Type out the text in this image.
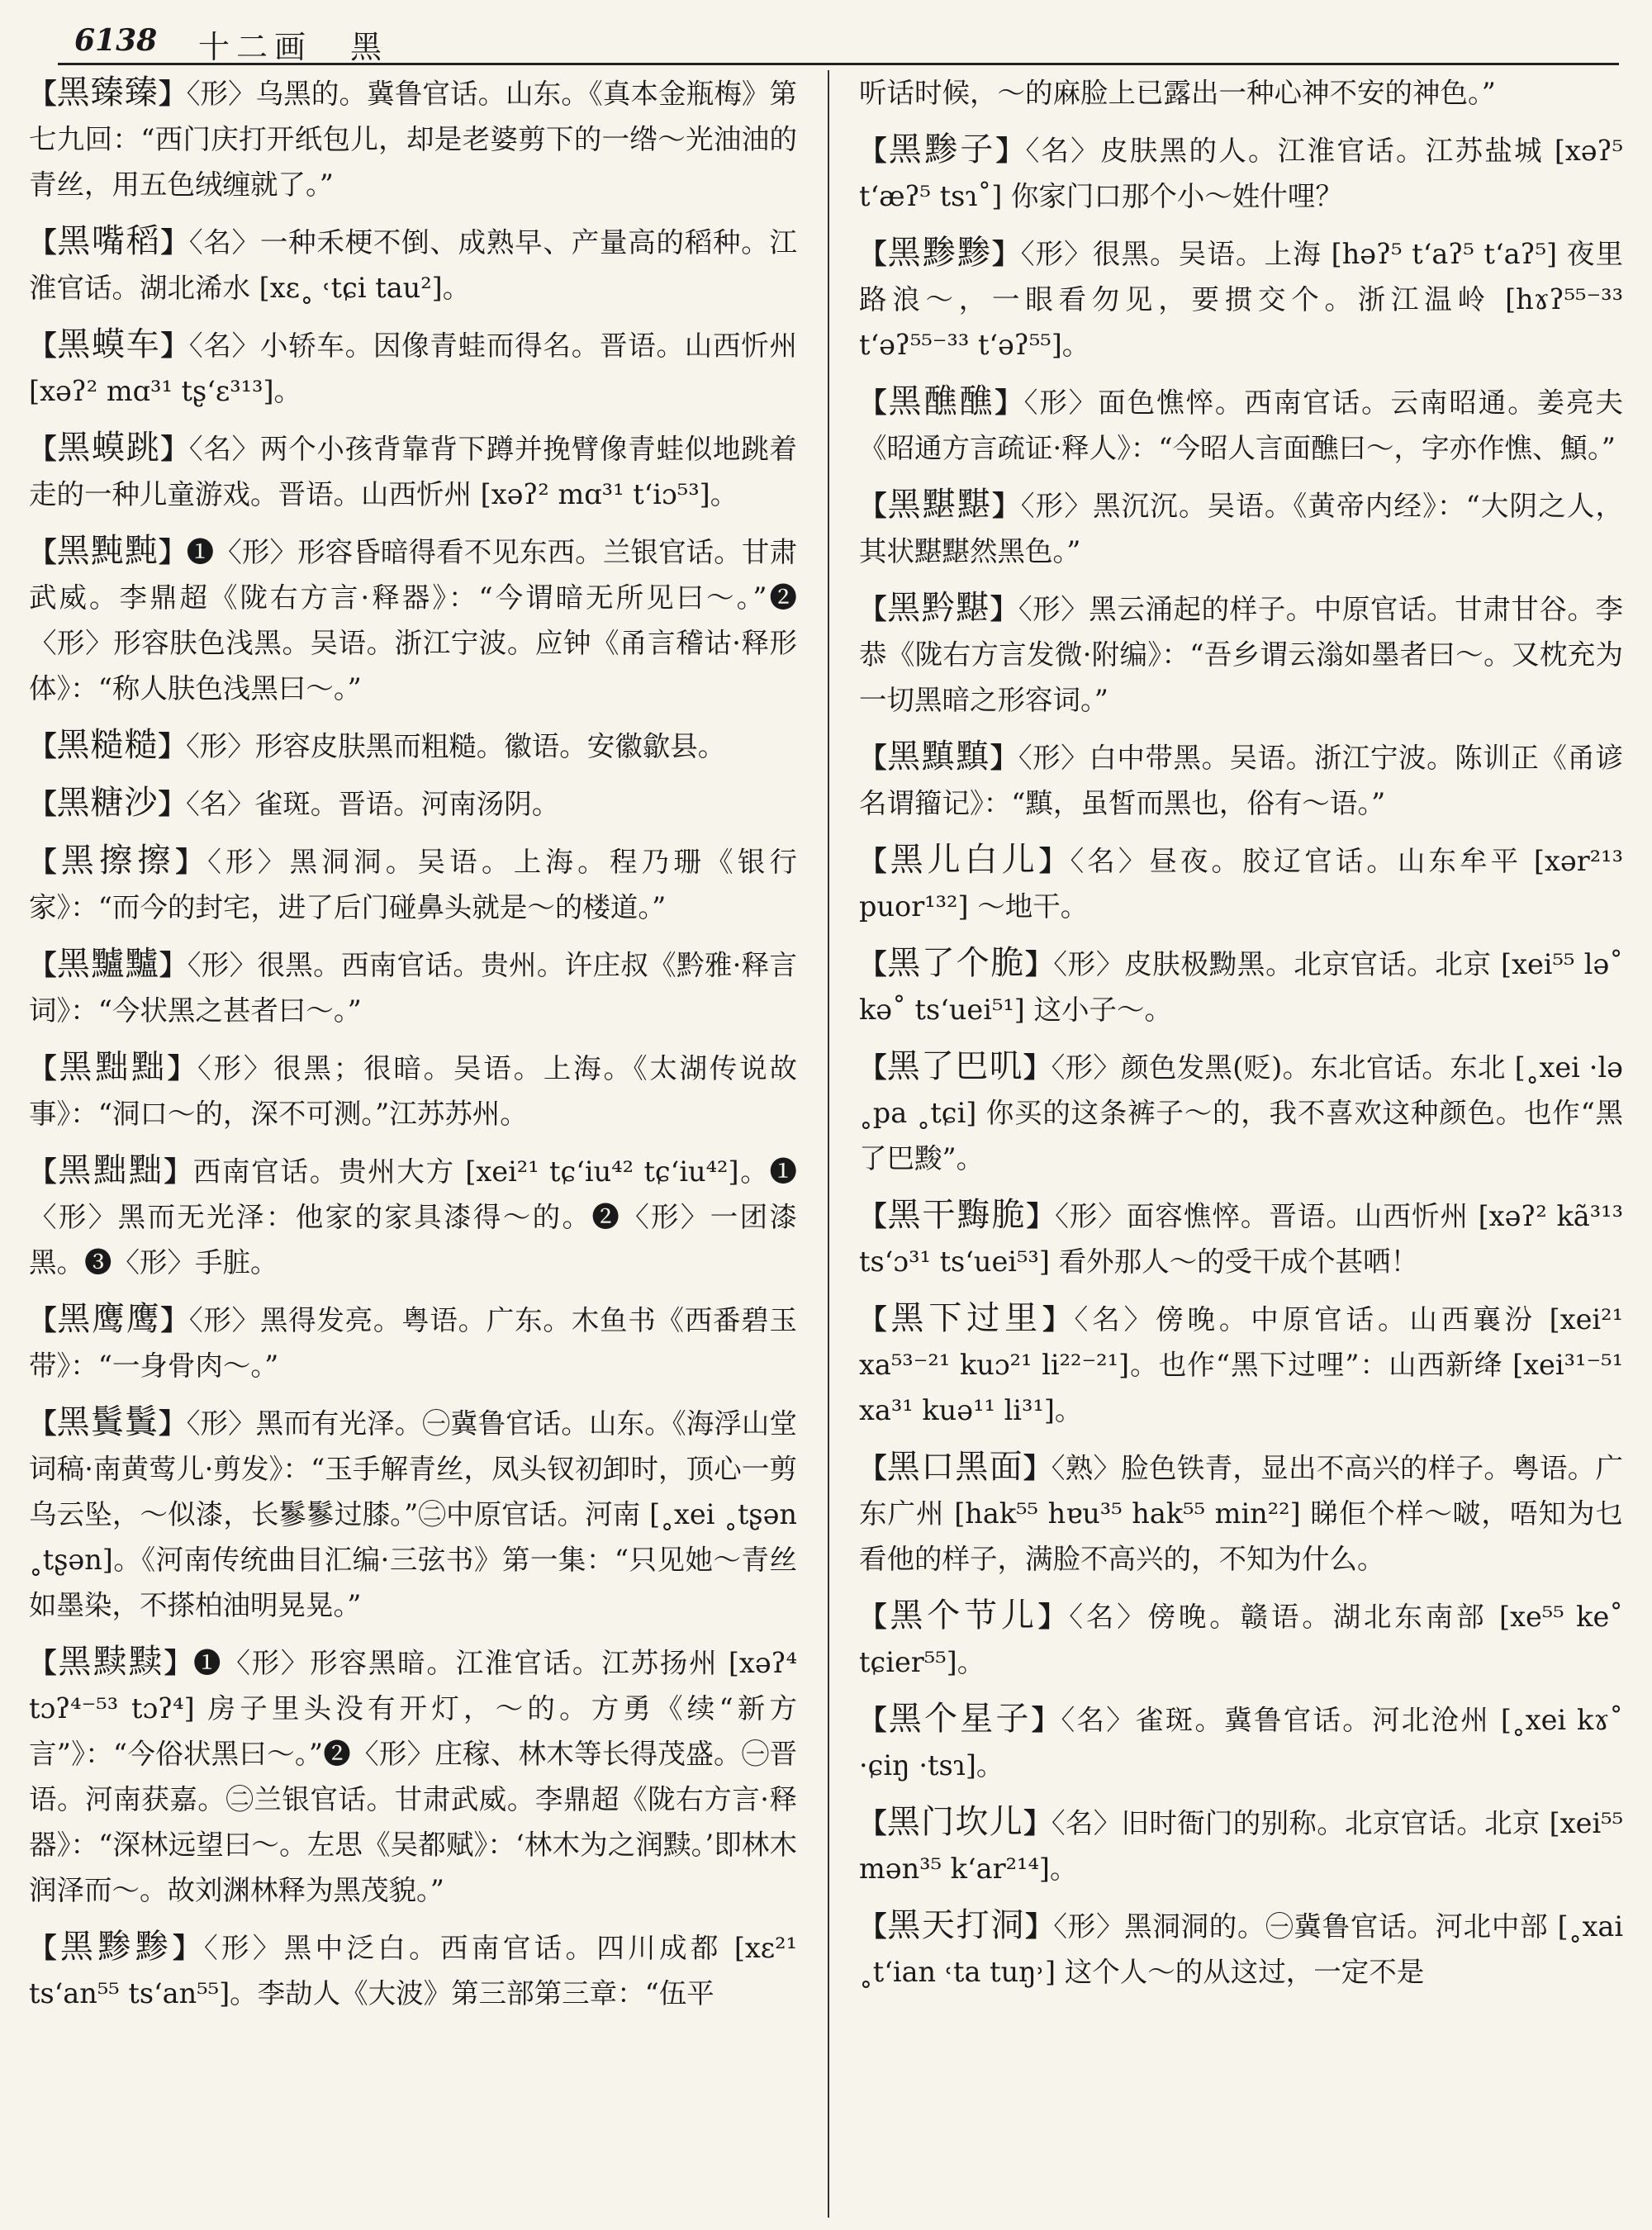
6138 十二画　黑
【黑臻臻】〈形〉乌黑的。冀鲁官话。山东。《真本金瓶梅》第七九回：“西门庆打开纸包儿，却是老婆剪下的一绺～光油油的青丝，用五色绒缠就了。”
【黑嘴稻】〈名〉一种禾梗不倒、成熟早、产量高的稻种。江淮官话。湖北浠水 [xɛ˳ ˓tɕi tau²]。
【黑蟆车】〈名〉小轿车。因像青蛙而得名。晋语。山西忻州 [xəʔ² mɑ³¹ tʂ‘ɛ³¹³]。
【黑蟆跳】〈名〉两个小孩背靠背下蹲并挽臂像青蛙似地跳着走的一种儿童游戏。晋语。山西忻州 [xəʔ² mɑ³¹ t‘iɔ⁵³]。
【黑黗黗】❶〈形〉形容昏暗得看不见东西。兰银官话。甘肃武威。李鼎超《陇右方言·释器》：“今谓暗无所见曰～。”❷〈形〉形容肤色浅黑。吴语。浙江宁波。应钟《甬言稽诂·释形体》：“称人肤色浅黑曰～。”
【黑糙糙】〈形〉形容皮肤黑而粗糙。徽语。安徽歙县。
【黑糖沙】〈名〉雀斑。晋语。河南汤阴。
【黑擦擦】〈形〉黑洞洞。吴语。上海。程乃珊《银行家》：“而今的封宅，进了后门碰鼻头就是～的楼道。”
【黑黸黸】〈形〉很黑。西南官话。贵州。许庄叔《黔雅·释言词》：“今状黑之甚者曰～。”
【黑黜黜】〈形〉很黑；很暗。吴语。上海。《太湖传说故事》：“洞口～的，深不可测。”江苏苏州。
【黑黜黜】西南官话。贵州大方 [xei²¹ tɕ‘iu⁴² tɕ‘iu⁴²]。❶〈形〉黑而无光泽：他家的家具漆得～的。❷〈形〉一团漆黑。❸〈形〉手脏。
【黑鹰鹰】〈形〉黑得发亮。粤语。广东。木鱼书《西番碧玉带》：“一身骨肉～。”
【黑鬒鬒】〈形〉黑而有光泽。㊀冀鲁官话。山东。《海浮山堂词稿·南黄莺儿·剪发》：“玉手解青丝，凤头钗初卸时，顶心一剪乌云坠，～似漆，长鬖鬖过膝。”㊁中原官话。河南 [˳xei ˳tʂən ˳tʂən]。《河南传统曲目汇编·三弦书》第一集：“只见她～青丝如墨染，不搽柏油明晃晃。”
【黑黩黩】❶〈形〉形容黑暗。江淮官话。江苏扬州 [xəʔ⁴ tɔʔ⁴⁻⁵³ tɔʔ⁴] 房子里头没有开灯，～的。方勇《续“新方言”》：“今俗状黑曰～。”❷〈形〉庄稼、林木等长得茂盛。㊀晋语。河南获嘉。㊁兰银官话。甘肃武威。李鼎超《陇右方言·释器》：“深林远望曰～。左思《吴都赋》：‘林木为之润黩。’即林木润泽而～。故刘渊林释为黑茂貌。”
【黑黪黪】〈形〉黑中泛白。西南官话。四川成都 [xɛ²¹ ts‘an⁵⁵ ts‘an⁵⁵]。李劼人《大波》第三部第三章：“伍平
听话时候，～的麻脸上已露出一种心神不安的神色。”
【黑黪子】〈名〉皮肤黑的人。江淮官话。江苏盐城 [xəʔ⁵ t‘æʔ⁵ tsɿ˚] 你家门口那个小～姓什哩？
【黑黪黪】〈形〉很黑。吴语。上海 [həʔ⁵ t‘aʔ⁵ t‘aʔ⁵] 夜里路浪～，一眼看勿见，要掼交个。浙江温岭 [hɤʔ⁵⁵⁻³³ t‘əʔ⁵⁵⁻³³ t‘əʔ⁵⁵]。
【黑醮醮】〈形〉面色憔悴。西南官话。云南昭通。姜亮夫《昭通方言疏证·释人》：“今昭人言面醮曰～，字亦作憔、顦。”
【黑黮黮】〈形〉黑沉沉。吴语。《黄帝内经》：“大阴之人，其状黮黮然黑色。”
【黑黔黮】〈形〉黑云涌起的样子。中原官话。甘肃甘谷。李恭《陇右方言发微·附编》：“吾乡谓云滃如墨者曰～。又枕充为一切黑暗之形容词。”
【黑黰黰】〈形〉白中带黑。吴语。浙江宁波。陈训正《甬谚名谓籀记》：“黰，虽皙而黑也，俗有～语。”
【黑儿白儿】〈名〉昼夜。胶辽官话。山东牟平 [xər²¹³ puor¹³²] ～地干。
【黑了个脆】〈形〉皮肤极黝黑。北京官话。北京 [xei⁵⁵ lə˚ kə˚ ts‘uei⁵¹] 这小子～。
【黑了巴叽】〈形〉颜色发黑(贬)。东北官话。东北 [˳xei ·lə ˳pa ˳tɕi] 你买的这条裤子～的，我不喜欢这种颜色。也作“黑了巴黢”。
【黑干黣脆】〈形〉面容憔悴。晋语。山西忻州 [xəʔ² kã³¹³ ts‘ɔ³¹ ts‘uei⁵³] 看外那人～的受干成个甚哂！
【黑下过里】〈名〉傍晚。中原官话。山西襄汾 [xei²¹ xa⁵³⁻²¹ kuɔ²¹ li²²⁻²¹]。也作“黑下过哩”：山西新绛 [xei³¹⁻⁵¹ xa³¹ kuə¹¹ li³¹]。
【黑口黑面】〈熟〉脸色铁青，显出不高兴的样子。粤语。广东广州 [hak⁵⁵ hɐu³⁵ hak⁵⁵ min²²] 睇佢个样～啵，唔知为乜 看他的样子，满脸不高兴的，不知为什么。
【黑个节儿】〈名〉傍晚。赣语。湖北东南部 [xe⁵⁵ ke˚ tɕier⁵⁵]。
【黑个星子】〈名〉雀斑。冀鲁官话。河北沧州 [˳xei kɤ˚ ·ɕiŋ ·tsɿ]。
【黑门坎儿】〈名〉旧时衙门的别称。北京官话。北京 [xei⁵⁵ mən³⁵ k‘ar²¹⁴]。
【黑天打洞】〈形〉黑洞洞的。㊀冀鲁官话。河北中部 [˳xai ˳t‘ian ˓ta tuŋ˒] 这个人～的从这过，一定不是
